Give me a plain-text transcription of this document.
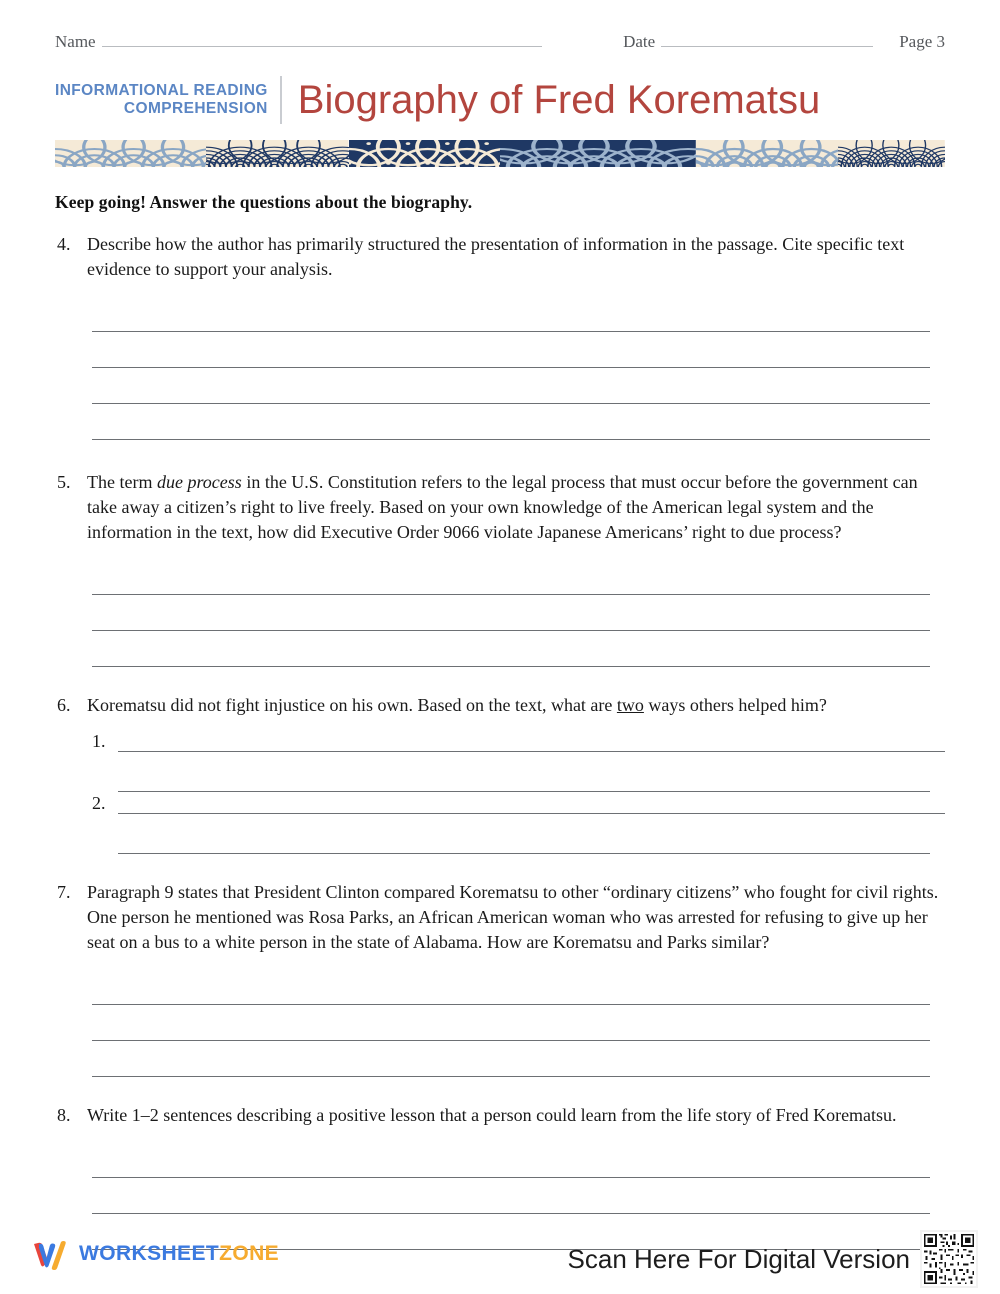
Name	Date	Page 3
INFORMATIONAL READING
COMPREHENSION Biography of Fred Korematsu
Keep going! Answer the questions about the biography.
4. Describe how the author has primarily structured the presentation of information in the passage. Cite specific text evidence to support your analysis.
5. The term due process in the U.S. Constitution refers to the legal process that must occur before the government can take away a citizen’s right to live freely. Based on your own knowledge of the American legal system and the information in the text, how did Executive Order 9066 violate Japanese Americans’ right to due process?
6. Korematsu did not fight injustice on his own. Based on the text, what are two ways others helped him?
1.
2.
7. Paragraph 9 states that President Clinton compared Korematsu to other “ordinary citizens” who fought for civil rights. One person he mentioned was Rosa Parks, an African American woman who was arrested for refusing to give up her seat on a bus to a white person in the state of Alabama. How are Korematsu and Parks similar?
8. Write 1–2 sentences describing a positive lesson that a person could learn from the life story of Fred Korematsu.
WORKSHEETZONE	Scan Here For Digital Version
